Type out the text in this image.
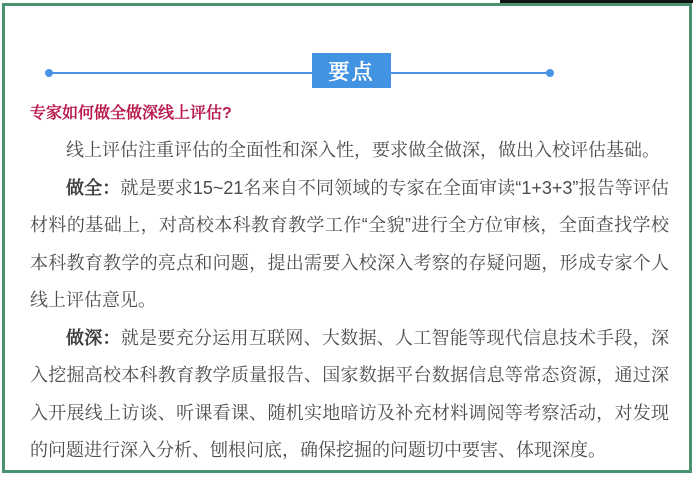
要点
专家如何做全做深线上评估?

线上评估注重评估的全面性和深入性，要求做全做深，做出入校评估基础。

做全：就是要求15~21名来自不同领域的专家在全面审读“1+3+3”报告等评估材料的基础上，对高校本科教育教学工作“全貌”进行全方位审核，全面查找学校本科教育教学的亮点和问题，提出需要入校深入考察的存疑问题，形成专家个人线上评估意见。

做深：就是要充分运用互联网、大数据、人工智能等现代信息技术手段，深入挖掘高校本科教育教学质量报告、国家数据平台数据信息等常态资源，通过深入开展线上访谈、听课看课、随机实地暗访及补充材料调阅等考察活动，对发现的问题进行深入分析、刨根问底，确保挖掘的问题切中要害、体现深度。
